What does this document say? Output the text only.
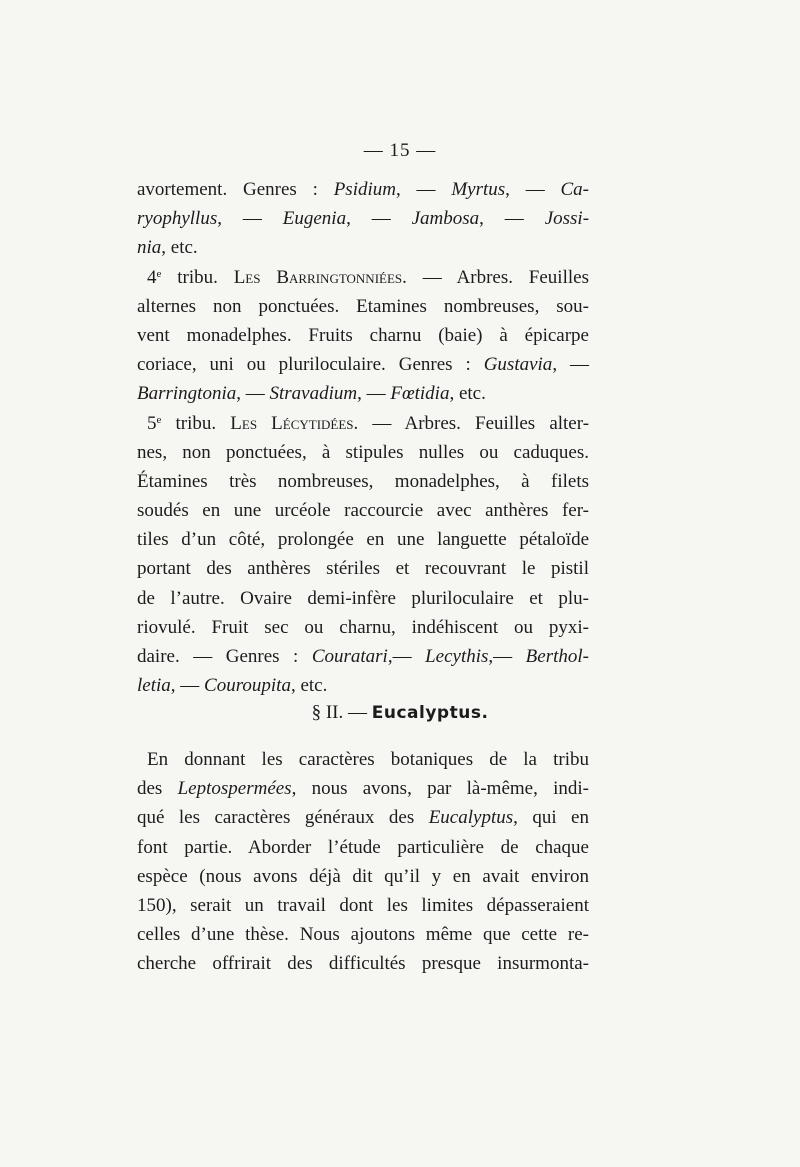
— 15 —
avortement. Genres : Psidium, — Myrtus, — Ca-
ryophyllus, — Eugenia, — Jambosa, — Jossi-
nia, etc.
4e tribu. Les Barringtonniées. — Arbres. Feuilles
alternes non ponctuées. Etamines nombreuses, sou-
vent monadelphes. Fruits charnu (baie) à épicarpe
coriace, uni ou pluriloculaire. Genres : Gustavia, —
Barringtonia, — Stravadium, — Fœtidia, etc.
5e tribu. Les Lécytidées. — Arbres. Feuilles alter-
nes, non ponctuées, à stipules nulles ou caduques.
Étamines très nombreuses, monadelphes, à filets
soudés en une urcéole raccourcie avec anthères fer-
tiles d’un côté, prolongée en une languette pétaloïde
portant des anthères stériles et recouvrant le pistil
de l’autre. Ovaire demi-infère pluriloculaire et plu-
riovulé. Fruit sec ou charnu, indéhiscent ou pyxi-
daire. — Genres : Couratari,— Lecythis,— Berthol-
letia, — Couroupita, etc.
§ II. — Eucalyptus.
En donnant les caractères botaniques de la tribu
des Leptospermées, nous avons, par là-même, indi-
qué les caractères généraux des Eucalyptus, qui en
font partie. Aborder l’étude particulière de chaque
espèce (nous avons déjà dit qu’il y en avait environ
150), serait un travail dont les limites dépasseraient
celles d’une thèse. Nous ajoutons même que cette re-
cherche offrirait des difficultés presque insurmonta-
